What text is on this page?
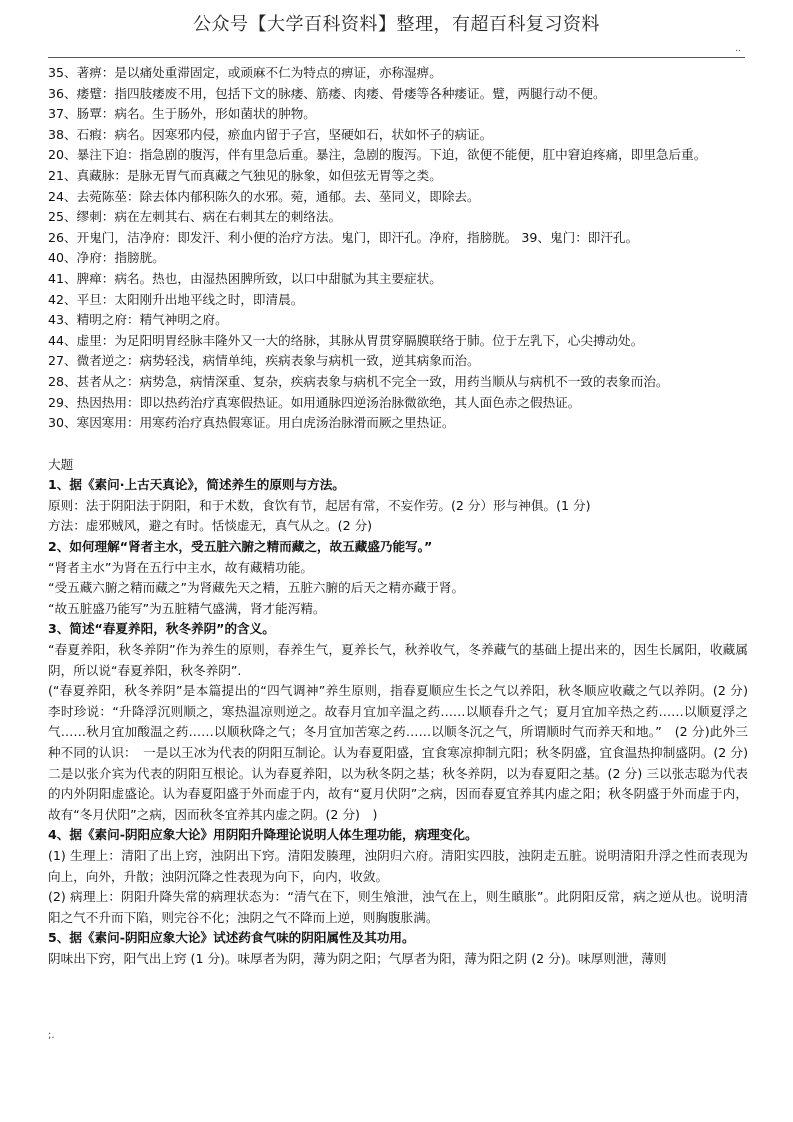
公众号【大学百科资料】整理，有超百科复习资料
..

35、著痹：是以痛处重滞固定，或顽麻不仁为特点的痹证，亦称湿痹。

36、痿躄：指四肢痿废不用，包括下文的脉痿、筋痿、肉痿、骨痿等各种痿证。躄，两腿行动不便。

37、肠覃：病名。生于肠外，形如菌状的肿物。

38、石瘕：病名。因寒邪内侵，瘀血内留于子宫，坚硬如石，状如怀子的病证。

20、暴注下迫：指急剧的腹泻，伴有里急后重。暴注，急剧的腹泻。下迫，欲便不能便，肛中窘迫疼痛，即里急后重。

21、真藏脉：是脉无胃气而真藏之气独见的脉象，如但弦无胃等之类。

24、去菀陈莝：除去体内郁积陈久的水邪。菀，通郁。去、莝同义，即除去。

25、缪刺：病在左刺其右、病在右刺其左的刺络法。

26、开鬼门，洁净府：即发汗、利小便的治疗方法。鬼门，即汗孔。净府，指膀胱。 39、鬼门：即汗孔。

40、净府：指膀胱。

41、脾瘅：病名。热也，由湿热困脾所致，以口中甜腻为其主要症状。

42、平旦：太阳刚升出地平线之时，即清晨。

43、精明之府：精气神明之府。

44、虚里：为足阳明胃经脉丰隆外又一大的络脉，其脉从胃贯穿膈膜联络于肺。位于左乳下，心尖搏动处。

27、微者逆之：病势轻浅，病情单纯，疾病表象与病机一致，逆其病象而治。

28、甚者从之：病势急，病情深重、复杂，疾病表象与病机不完全一致，用药当顺从与病机不一致的表象而治。

29、热因热用：即以热药治疗真寒假热证。如用通脉四逆汤治脉微欲绝，其人面色赤之假热证。

30、寒因寒用：用寒药治疗真热假寒证。用白虎汤治脉滑而厥之里热证。

大题

1、据《素问·上古天真论》，简述养生的原则与方法。

原则：法于阴阳法于阴阳，和于术数，食饮有节，起居有常，不妄作劳。(2 分）形与神俱。(1 分)

方法：虚邪贼风，避之有时。恬惔虚无，真气从之。(2 分)

2、如何理解“肾者主水，受五脏六腑之精而藏之，故五藏盛乃能写。”

“肾者主水”为肾在五行中主水，故有藏精功能。

“受五藏六腑之精而藏之”为肾藏先天之精，五脏六腑的后天之精亦藏于肾。

“故五脏盛乃能写”为五脏精气盛满，肾才能泻精。

3、简述“春夏养阳，秋冬养阴”的含义。

“春夏养阳，秋冬养阴”作为养生的原则，春养生气，夏养长气，秋养收气，冬养藏气的基础上提出来的，因生长属阳，收藏属阴，所以说“春夏养阳，秋冬养阴”.

(“春夏养阳，秋冬养阴”是本篇提出的“四气调神”养生原则，指春夏顺应生长之气以养阳，秋冬顺应收藏之气以养阴。(2 分)　李时珍说：“升降浮沉则顺之，寒热温凉则逆之。故春月宜加辛温之药……以顺春升之气；夏月宜加辛热之药……以顺夏浮之气……秋月宜加酸温之药……以顺秋降之气；冬月宜加苦寒之药……以顺冬沉之气，所谓顺时气而养天和地。”　(2 分)此外三种不同的认识：　一是以王冰为代表的阴阳互制论。认为春夏阳盛，宜食寒凉抑制亢阳；秋冬阴盛，宜食温热抑制盛阴。(2 分) 二是以张介宾为代表的阴阳互根论。认为春夏养阳，以为秋冬阴之基；秋冬养阴，以为春夏阳之基。(2 分) 三以张志聪为代表的内外阴阳虚盛论。认为春夏阳盛于外而虚于内，故有“夏月伏阴”之病，因而春夏宜养其内虚之阳；秋冬阴盛于外而虚于内，故有“冬月伏阳”之病，因而秋冬宜养其内虚之阴。(2 分)　)

4、据《素问-阴阳应象大论》用阴阳升降理论说明人体生理功能，病理变化。

(1) 生理上：清阳了出上窍，浊阴出下窍。清阳发腠理，浊阴归六府。清阳实四肢，浊阴走五脏。说明清阳升浮之性而表现为向上，向外，升散；浊阴沉降之性表现为向下，向内，收敛。

(2) 病理上：阴阳升降失常的病理状态为：“清气在下，则生飧泄，浊气在上，则生瞋胀”。此阴阳反常，病之逆从也。说明清阳之气不升而下陷，则完谷不化；浊阴之气不降而上逆，则胸腹胀满。

5、据《素问-阴阳应象大论》试述药食气味的阴阳属性及其功用。

阴味出下窍，阳气出上窍 (1 分)。味厚者为阴，薄为阴之阳；气厚者为阳，薄为阳之阴 (2 分)。味厚则泄，薄则

;.
